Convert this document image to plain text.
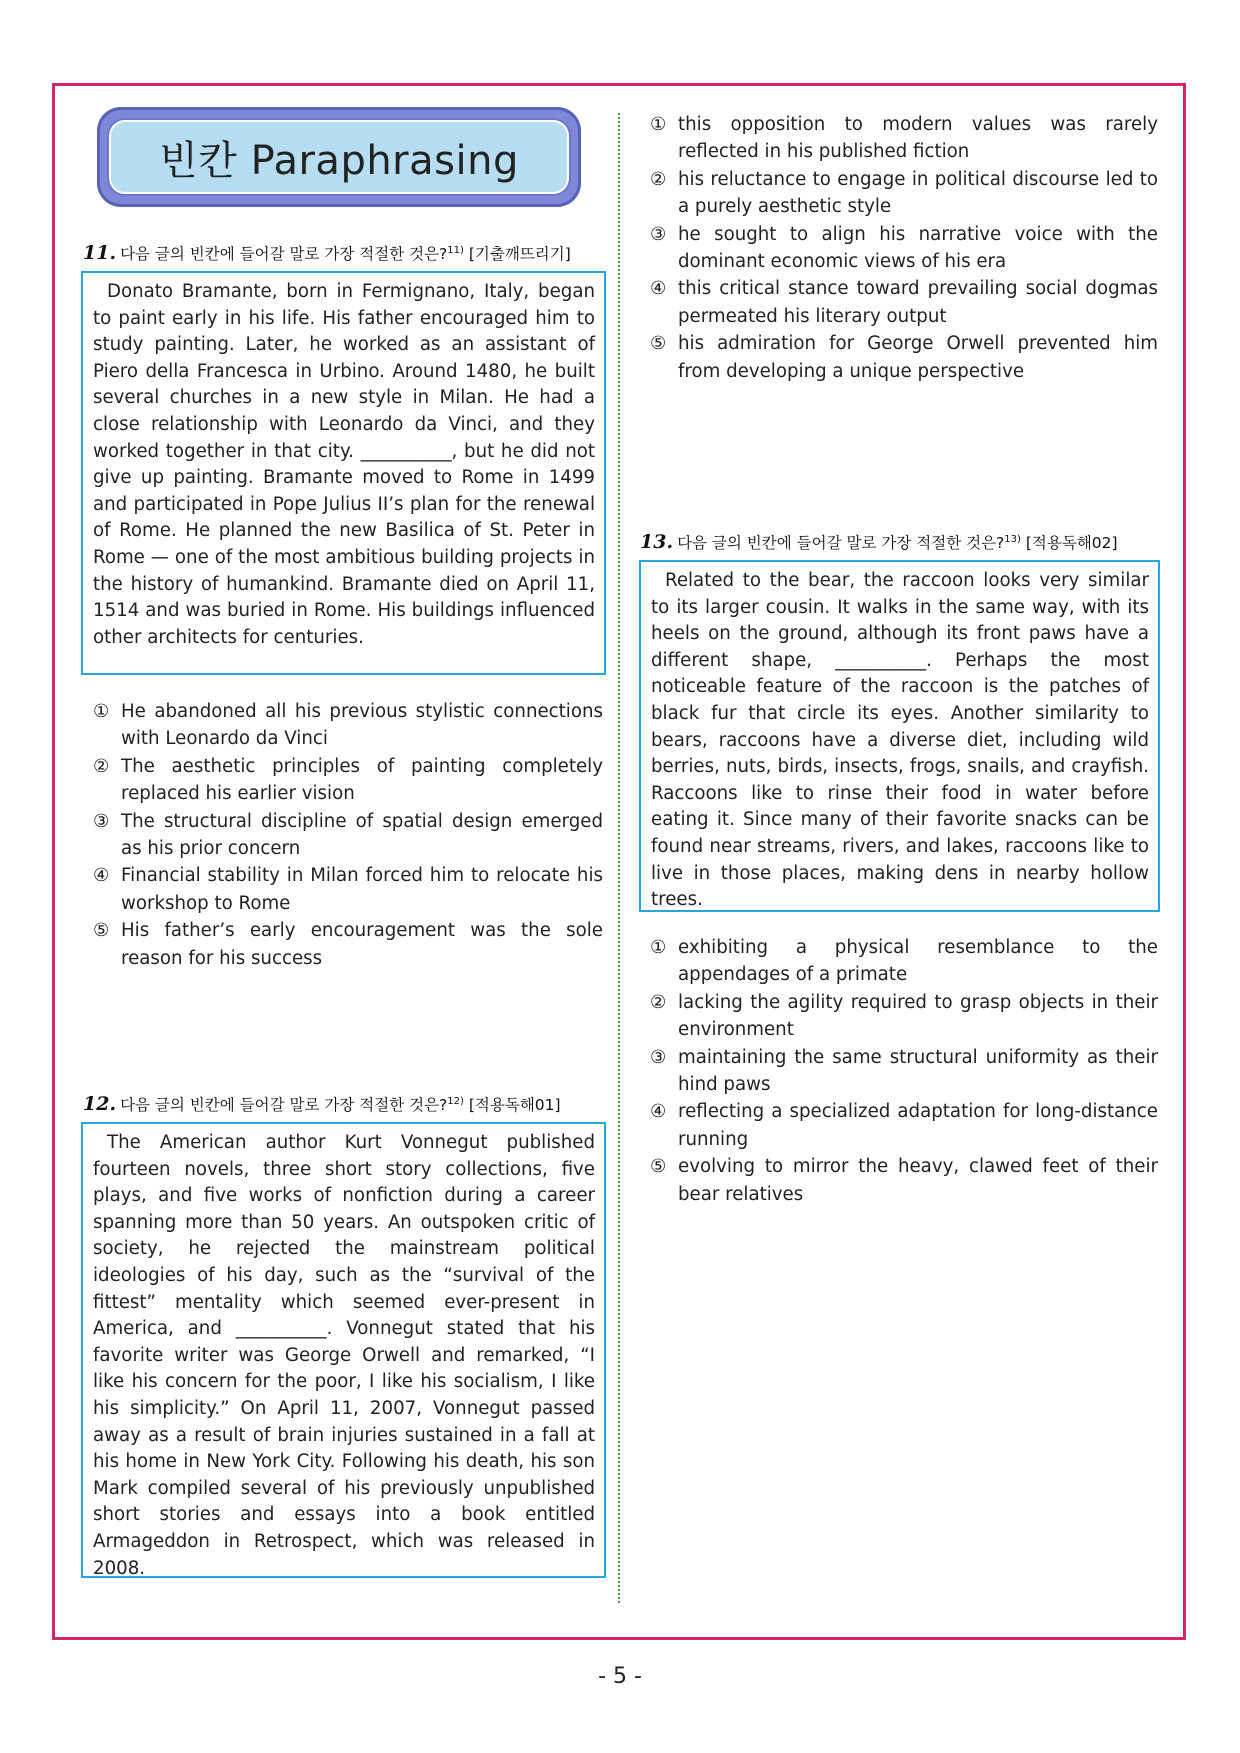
빈칸 Paraphrasing
11. 다음 글의 빈칸에 들어갈 말로 가장 적절한 것은?$^{11)}$ [기출깨뜨리기]

Donato Bramante, born in Fermignano, Italy, began to paint early in his life. His father encouraged him to study painting. Later, he worked as an assistant of Piero della Francesca in Urbino. Around 1480, he built several churches in a new style in Milan. He had a close relationship with Leonardo da Vinci, and they worked together in that city. __________, but he did not give up painting. Bramante moved to Rome in 1499 and participated in Pope Julius II’s plan for the renewal of Rome. He planned the new Basilica of St. Peter in Rome — one of the most ambitious building projects in the history of humankind. Bramante died on April 11, 1514 and was buried in Rome. His buildings influenced other architects for centuries.

① He abandoned all his previous stylistic connections with Leonardo da Vinci
② The aesthetic principles of painting completely replaced his earlier vision
③ The structural discipline of spatial design emerged as his prior concern
④ Financial stability in Milan forced him to relocate his workshop to Rome
⑤ His father’s early encouragement was the sole reason for his success
12. 다음 글의 빈칸에 들어갈 말로 가장 적절한 것은?$^{12)}$ [적용독해01]

The American author Kurt Vonnegut published fourteen novels, three short story collections, five plays, and five works of nonfiction during a career spanning more than 50 years. An outspoken critic of society, he rejected the mainstream political ideologies of his day, such as the “survival of the fittest” mentality which seemed ever-present in America, and __________. Vonnegut stated that his favorite writer was George Orwell and remarked, “I like his concern for the poor, I like his socialism, I like his simplicity.” On April 11, 2007, Vonnegut passed away as a result of brain injuries sustained in a fall at his home in New York City. Following his death, his son Mark compiled several of his previously unpublished short stories and essays into a book entitled Armageddon in Retrospect, which was released in 2008.

① this opposition to modern values was rarely reflected in his published fiction
② his reluctance to engage in political discourse led to a purely aesthetic style
③ he sought to align his narrative voice with the dominant economic views of his era
④ this critical stance toward prevailing social dogmas permeated his literary output
⑤ his admiration for George Orwell prevented him from developing a unique perspective
13. 다음 글의 빈칸에 들어갈 말로 가장 적절한 것은?$^{13)}$ [적용독해02]

Related to the bear, the raccoon looks very similar to its larger cousin. It walks in the same way, with its heels on the ground, although its front paws have a different shape, __________. Perhaps the most noticeable feature of the raccoon is the patches of black fur that circle its eyes. Another similarity to bears, raccoons have a diverse diet, including wild berries, nuts, birds, insects, frogs, snails, and crayfish. Raccoons like to rinse their food in water before eating it. Since many of their favorite snacks can be found near streams, rivers, and lakes, raccoons like to live in those places, making dens in nearby hollow trees.

① exhibiting a physical resemblance to the appendages of a primate
② lacking the agility required to grasp objects in their environment
③ maintaining the same structural uniformity as their hind paws
④ reflecting a specialized adaptation for long-distance running
⑤ evolving to mirror the heavy, clawed feet of their bear relatives
- 5 -
